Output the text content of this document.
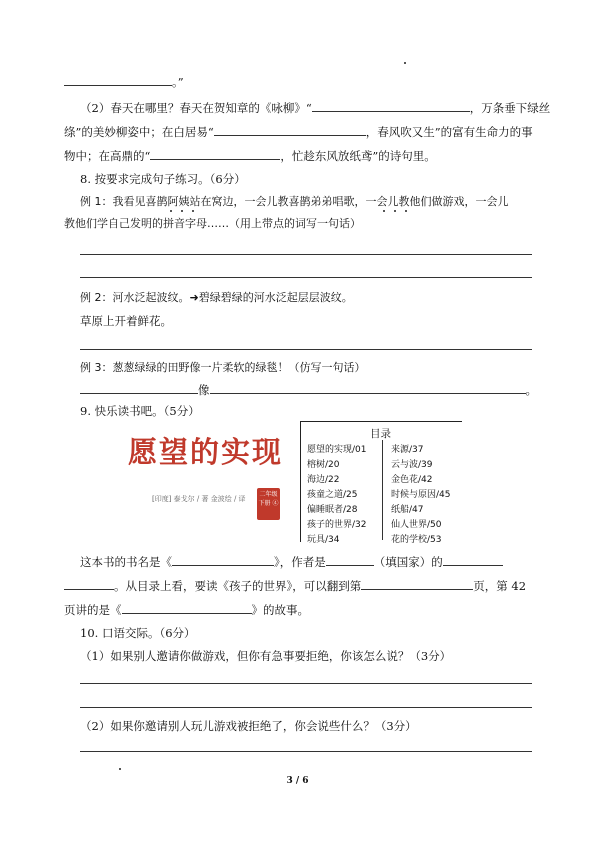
。”
（2）春天在哪里？春天在贺知章的《咏柳》“	，万条垂下绿丝
绦”的美妙柳姿中；在白居易“	，春风吹又生”的富有生命力的事
物中；在高鼎的“	，忙趁东风放纸鸢”的诗句里。
8. 按要求完成句子练习。（6分）
例 1：我看见喜鹊阿姨站在窝边，一会儿教喜鹊弟弟唱歌，一会儿教他们做游戏，一会儿
教他们学自己发明的拼音字母……（用上带点的词写一句话）
例 2：河水泛起波纹。➜碧绿碧绿的河水泛起层层波纹。
草原上开着鲜花。
例 3：葱葱绿绿的田野像一片柔软的绿毯！（仿写一句话）
像	。
9. 快乐读书吧。（5分）
愿望的实现
[印度] 泰戈尔 / 著 金波绘 / 译
二年级 下册 ④
目录
愿望的实现/01
榕树/20
海边/22
孩童之道/25
偏睡眠者/28
孩子的世界/32
玩具/34
来源/37
云与波/39
金色花/42
时候与原因/45
纸船/47
仙人世界/50
花的学校/53
这本书的书名是《	》，作者是	（填国家）的
。从目录上看，要读《孩子的世界》，可以翻到第	页，第 42
页讲的是《	》的故事。
10. 口语交际。（6分）
（1）如果别人邀请你做游戏，但你有急事要拒绝，你该怎么说？（3分）
（2）如果你邀请别人玩儿游戏被拒绝了，你会说些什么？（3分）
3 / 6
